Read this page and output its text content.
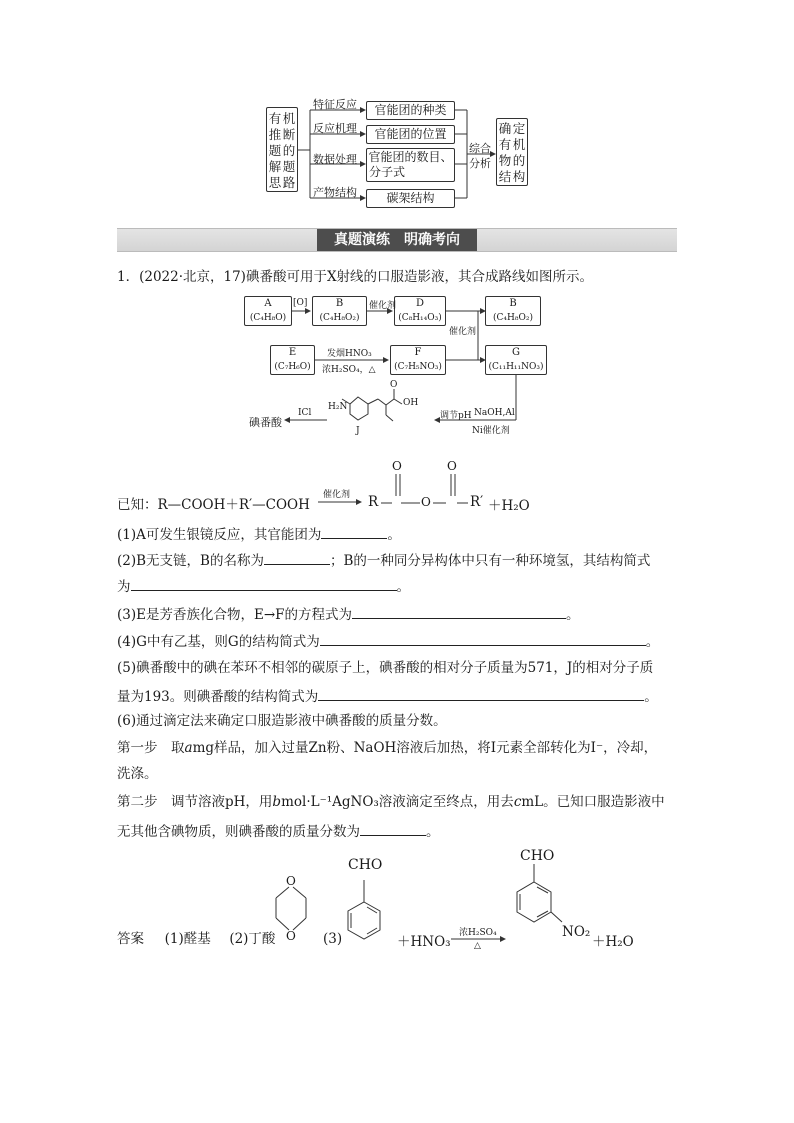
有 机
推 断
题 的
解 题
思 路
特征反应
反应机理
数据处理
产物结构
官能团的种类
官能团的位置
官能团的数目、
分子式
碳架结构
综合
分析
确 定
有 机
物 的
结 构
真题演练　明确考向
1．(2022·北京，17)碘番酸可用于X射线的口服造影液，其合成路线如图所示。
A
(C₄H₈O)
B
(C₄H₈O₂)
D
(C₈H₁₄O₃)
B
(C₄H₈O₂)
E
(C₇H₆O)
F
(C₇H₅NO₃)
G
(C₁₁H₁₁NO₃)
[O]	催化剂
催化剂
发烟HNO₃
浓H₂SO₄，△
NaOH,Al
Ni催化剂
调节pH
ICl
碘番酸
H₂N	OH
O
J
已知：R—COOH＋R′—COOH
催化剂 R
O	O
O	R′ ＋H₂O
(1)A可发生银镜反应，其官能团为	。
(2)B无支链，B的名称为	；B的一种同分异构体中只有一种环境氢，其结构简式
为	。
(3)E是芳香族化合物，E→F的方程式为	。
(4)G中有乙基，则G的结构简式为	。
(5)碘番酸中的碘在苯环不相邻的碳原子上，碘番酸的相对分子质量为571，J的相对分子质
量为193。则碘番酸的结构简式为	。
(6)通过滴定法来确定口服造影液中碘番酸的质量分数。
第一步　取amg样品，加入过量Zn粉、NaOH溶液后加热，将I元素全部转化为I⁻，冷却，
洗涤。
第二步　调节溶液pH，用bmol·L⁻¹AgNO₃溶液滴定至终点，用去cmL。已知口服造影液中
无其他含碘物质，则碘番酸的质量分数为	。
答案 (1)醛基 (2)丁酸	(3)
O
O
CHO
＋HNO₃
浓H₂SO₄
△
CHO
NO₂
＋H₂O
